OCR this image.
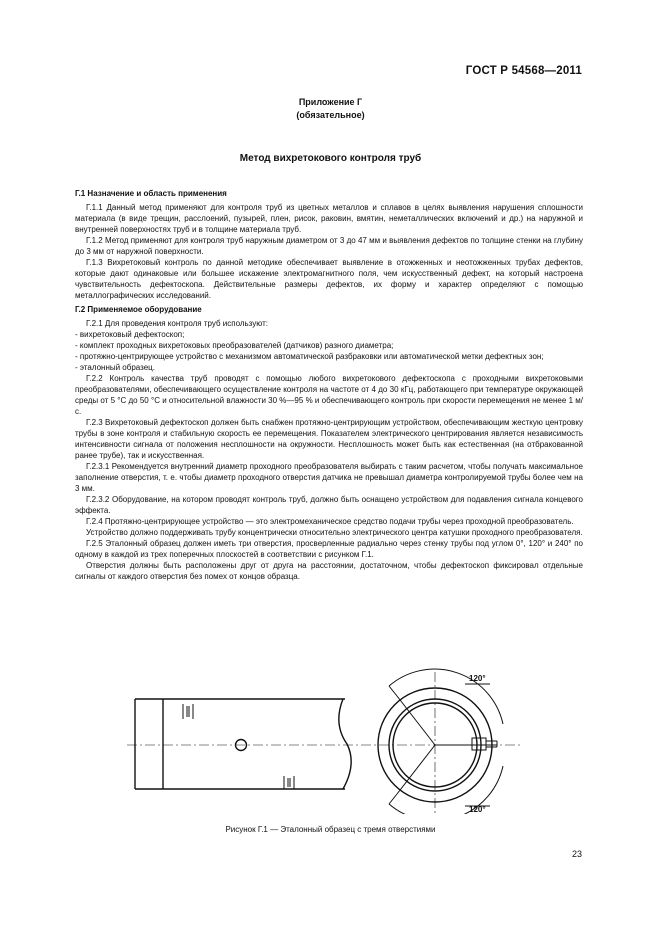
ГОСТ Р 54568—2011
Приложение Г
(обязательное)
Метод вихретокового контроля труб

Г.1 Назначение и область применения

Г.1.1 Данный метод применяют для контроля труб из цветных металлов и сплавов в целях выявления нарушения сплошности материала (в виде трещин, расслоений, пузырей, плен, рисок, раковин, вмятин, неметаллических включений и др.) на наружной и внутренней поверхностях труб и в толщине материала труб.

Г.1.2 Метод применяют для контроля труб наружным диаметром от 3 до 47 мм и выявления дефектов по толщине стенки на глубину до 3 мм от наружной поверхности.

Г.1.3 Вихретоковый контроль по данной методике обеспечивает выявление в отожженных и неотожженных трубах дефектов, которые дают одинаковые или большее искажение электромагнитного поля, чем искусственный дефект, на который настроена чувствительность дефектоскопа. Действительные размеры дефектов, их форму и характер определяют с помощью металлографических исследований.

Г.2 Применяемое оборудование

Г.2.1 Для проведения контроля труб используют:

- вихретоковый дефектоскоп;

- комплект проходных вихретоковых преобразователей (датчиков) разного диаметра;

- протяжно-центрирующее устройство с механизмом автоматической разбраковки или автоматической метки дефектных зон;

- эталонный образец.

Г.2.2 Контроль качества труб проводят с помощью любого вихретокового дефектоскопа с проходными вихретоковыми преобразователями, обеспечивающего осуществление контроля на частоте от 4 до 30 кГц, работающего при температуре окружающей среды от 5 °С до 50 °С и относительной влажности 30 %—95 % и обеспечивающего контроль при скорости перемещения не менее 1 м/с.

Г.2.3 Вихретоковый дефектоскоп должен быть снабжен протяжно-центрирующим устройством, обеспечивающим жесткую центровку трубы в зоне контроля и стабильную скорость ее перемещения. Показателем электрического центрирования является независимость интенсивности сигнала от положения несплошности на окружности. Несплошность может быть как естественная (на отбракованной ранее трубе), так и искусственная.

Г.2.3.1 Рекомендуется внутренний диаметр проходного преобразователя выбирать с таким расчетом, чтобы получать максимальное заполнение отверстия, т. е. чтобы диаметр проходного отверстия датчика не превышал диаметра контролируемой трубы более чем на 3 мм.

Г.2.3.2 Оборудование, на котором проводят контроль труб, должно быть оснащено устройством для подавления сигнала концевого эффекта.

Г.2.4 Протяжно-центрирующее устройство — это электромеханическое средство подачи трубы через проходной преобразователь.

Устройство должно поддерживать трубу концентрически относительно электрического центра катушки проходного преобразователя.

Г.2.5 Эталонный образец должен иметь три отверстия, просверленные радиально через стенку трубы под углом 0°, 120° и 240° по одному в каждой из трех поперечных плоскостей в соответствии с рисунком Г.1.

Отверстия должны быть расположены друг от друга на расстоянии, достаточном, чтобы дефектоскоп фиксировал отдельные сигналы от каждого отверстия без помех от концов образца.

120°
120°
Рисунок Г.1 — Эталонный образец с тремя отверстиями
23
